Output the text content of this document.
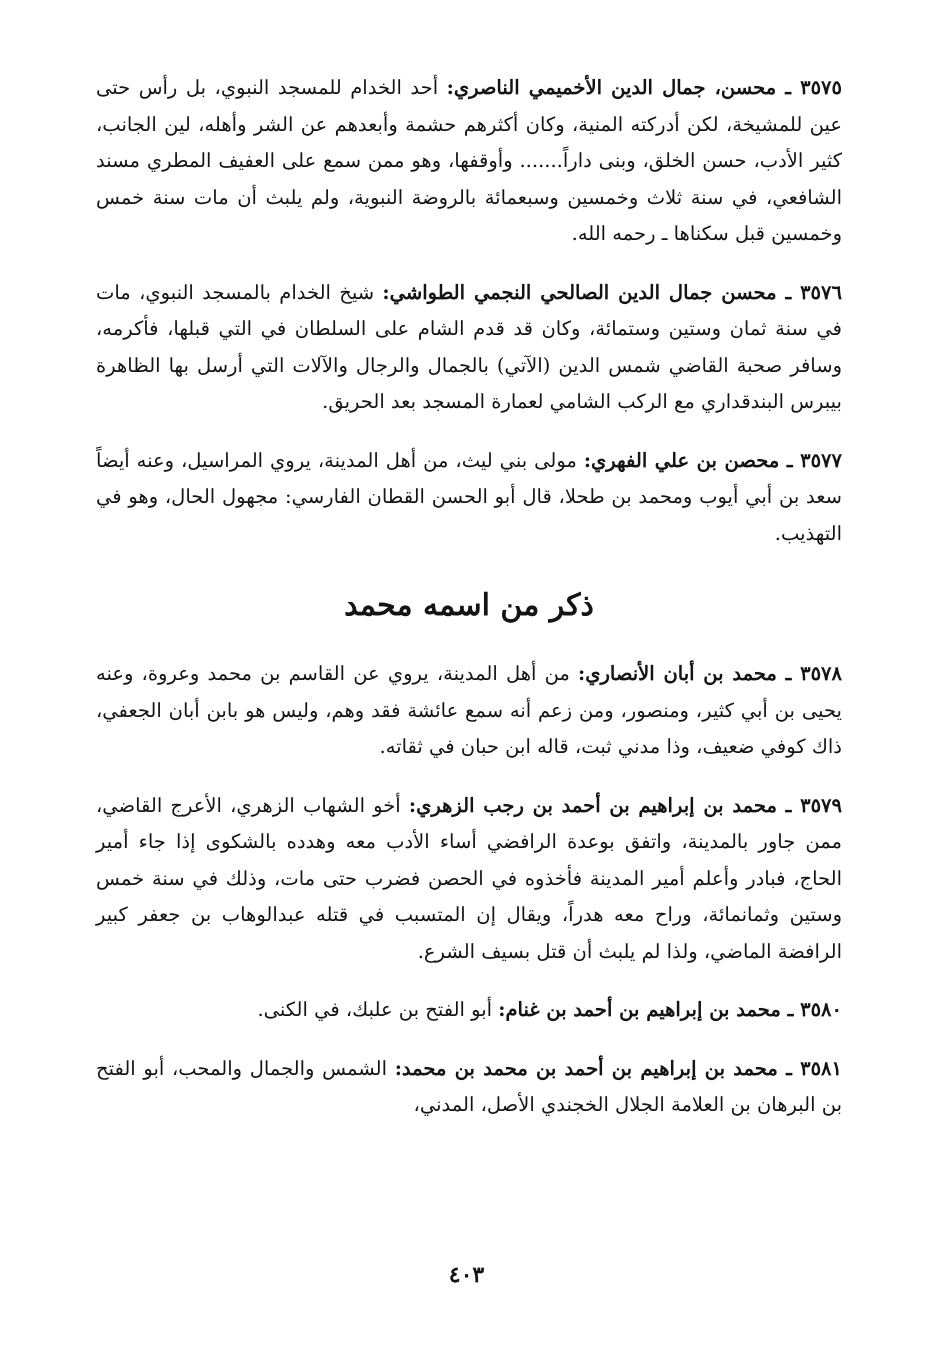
٣٥٧٥ ـ محسن، جمال الدين الأخميمي الناصري: أحد الخدام للمسجد النبوي، بل رأس حتى عين للمشيخة، لكن أدركته المنية، وكان أكثرهم حشمة وأبعدهم عن الشر وأهله، لين الجانب، كثير الأدب، حسن الخلق، وبنى داراً....... وأوقفها، وهو ممن سمع على العفيف المطري مسند الشافعي، في سنة ثلاث وخمسين وسبعمائة بالروضة النبوية، ولم يلبث أن مات سنة خمس وخمسين قبل سكناها ـ رحمه الله.

٣٥٧٦ ـ محسن جمال الدين الصالحي النجمي الطواشي: شيخ الخدام بالمسجد النبوي، مات في سنة ثمان وستين وستمائة، وكان قد قدم الشام على السلطان في التي قبلها، فأكرمه، وسافر صحبة القاضي شمس الدين (الآتي) بالجمال والرجال والآلات التي أرسل بها الظاهرة بيبرس البندقداري مع الركب الشامي لعمارة المسجد بعد الحريق.

٣٥٧٧ ـ محصن بن علي الفهري: مولى بني ليث، من أهل المدينة، يروي المراسيل، وعنه أيضاً سعد بن أبي أيوب ومحمد بن طحلا، قال أبو الحسن القطان الفارسي: مجهول الحال، وهو في التهذيب.

ذكر من اسمه محمد

٣٥٧٨ ـ محمد بن أبان الأنصاري: من أهل المدينة، يروي عن القاسم بن محمد وعروة، وعنه يحيى بن أبي كثير، ومنصور، ومن زعم أنه سمع عائشة فقد وهم، وليس هو بابن أبان الجعفي، ذاك كوفي ضعيف، وذا مدني ثبت، قاله ابن حبان في ثقاته.

٣٥٧٩ ـ محمد بن إبراهيم بن أحمد بن رجب الزهري: أخو الشهاب الزهري، الأعرج القاضي، ممن جاور بالمدينة، واتفق بوعدة الرافضي أساء الأدب معه وهدده بالشكوى إذا جاء أمير الحاج، فبادر وأعلم أمير المدينة فأخذوه في الحصن فضرب حتى مات، وذلك في سنة خمس وستين وثمانمائة، وراح معه هدراً، ويقال إن المتسبب في قتله عبدالوهاب بن جعفر كبير الرافضة الماضي، ولذا لم يلبث أن قتل بسيف الشرع.

٣٥٨٠ ـ محمد بن إبراهيم بن أحمد بن غنام: أبو الفتح بن علبك، في الكنى.

٣٥٨١ ـ محمد بن إبراهيم بن أحمد بن محمد بن محمد: الشمس والجمال والمحب، أبو الفتح بن البرهان بن العلامة الجلال الخجندي الأصل، المدني،

٤٠٣
